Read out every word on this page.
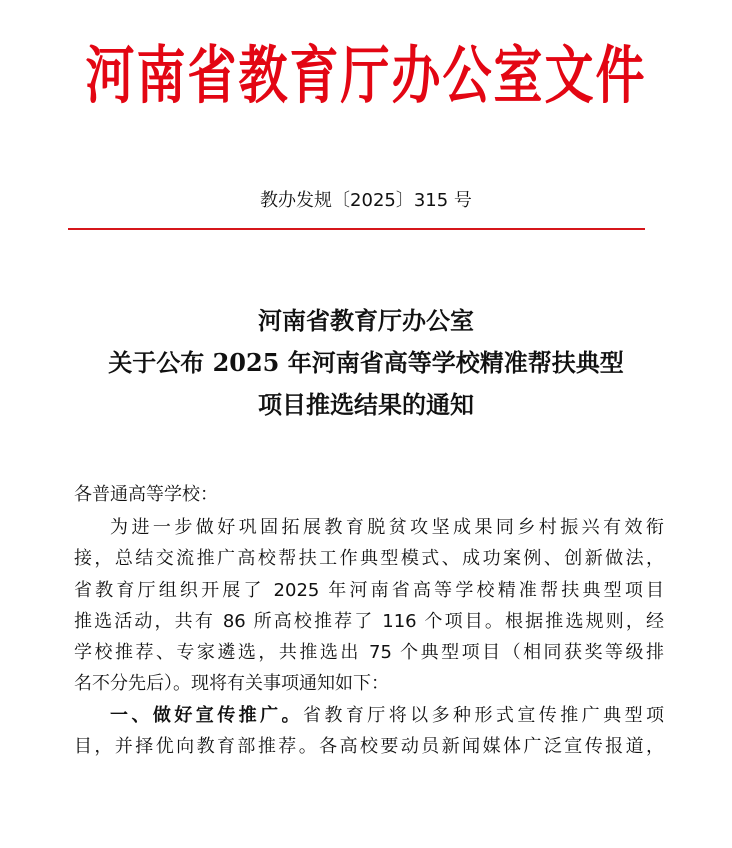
河南省教育厅办公室文件
教办发规〔2025〕315 号
河南省教育厅办公室
关于公布 2025 年河南省高等学校精准帮扶典型
项目推选结果的通知
各普通高等学校：
为进一步做好巩固拓展教育脱贫攻坚成果同乡村振兴有效衔
接，总结交流推广高校帮扶工作典型模式、成功案例、创新做法，
省教育厅组织开展了 2025 年河南省高等学校精准帮扶典型项目
推选活动，共有 86 所高校推荐了 116 个项目。根据推选规则，经
学校推荐、专家遴选，共推选出 75 个典型项目（相同获奖等级排
名不分先后）。现将有关事项通知如下：
一、做好宣传推广。省教育厅将以多种形式宣传推广典型项
目，并择优向教育部推荐。各高校要动员新闻媒体广泛宣传报道，
